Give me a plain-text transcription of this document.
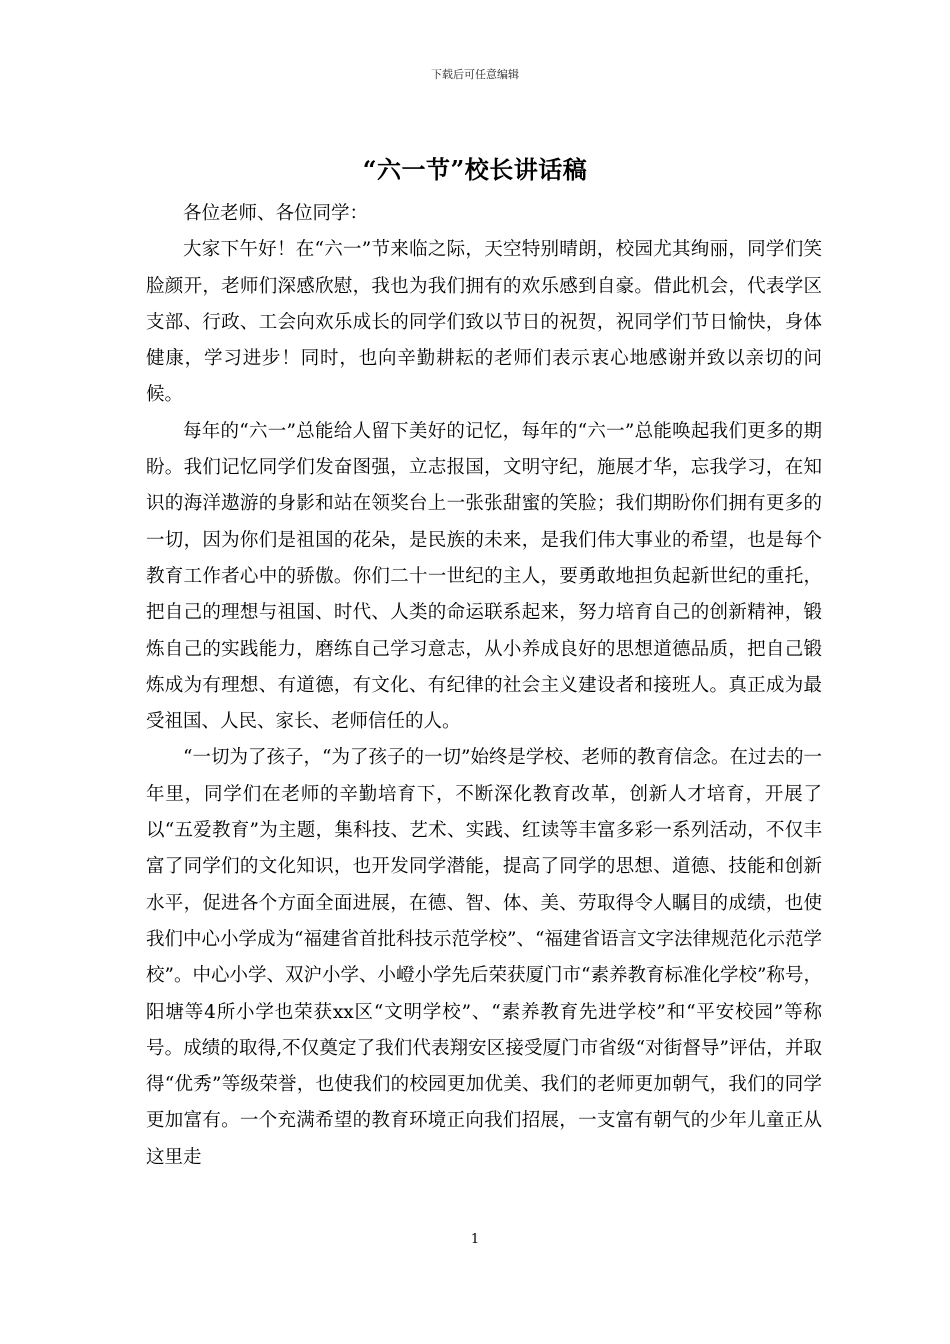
下载后可任意编辑
“六一节”校长讲话稿

各位老师、各位同学：

大家下午好！在“六一”节来临之际，天空特别晴朗，校园尤其绚丽，同学们笑脸颜开，老师们深感欣慰，我也为我们拥有的欢乐感到自豪。借此机会，代表学区支部、行政、工会向欢乐成长的同学们致以节日的祝贺，祝同学们节日愉快，身体健康，学习进步！同时，也向辛勤耕耘的老师们表示衷心地感谢并致以亲切的问候。

每年的“六一”总能给人留下美好的记忆，每年的“六一”总能唤起我们更多的期盼。我们记忆同学们发奋图强，立志报国，文明守纪，施展才华，忘我学习，在知识的海洋遨游的身影和站在领奖台上一张张甜蜜的笑脸；我们期盼你们拥有更多的一切，因为你们是祖国的花朵，是民族的未来，是我们伟大事业的希望，也是每个教育工作者心中的骄傲。你们二十一世纪的主人，要勇敢地担负起新世纪的重托，把自己的理想与祖国、时代、人类的命运联系起来，努力培育自己的创新精神，锻炼自己的实践能力，磨练自己学习意志，从小养成良好的思想道德品质，把自己锻炼成为有理想、有道德，有文化、有纪律的社会主义建设者和接班人。真正成为最受祖国、人民、家长、老师信任的人。

“一切为了孩子，“为了孩子的一切”始终是学校、老师的教育信念。在过去的一年里，同学们在老师的辛勤培育下，不断深化教育改革，创新人才培育，开展了以“五爱教育”为主题，集科技、艺术、实践、红读等丰富多彩一系列活动，不仅丰富了同学们的文化知识，也开发同学潜能，提高了同学的思想、道德、技能和创新水平，促进各个方面全面进展，在德、智、体、美、劳取得令人瞩目的成绩，也使我们中心小学成为“福建省首批科技示范学校”、“福建省语言文字法律规范化示范学校”。中心小学、双沪小学、小嶝小学先后荣获厦门市“素养教育标准化学校”称号，阳塘等4所小学也荣获xx区“文明学校”、“素养教育先进学校”和“平安校园”等称号。成绩的取得,不仅奠定了我们代表翔安区接受厦门市省级“对街督导”评估，并取得“优秀”等级荣誉，也使我们的校园更加优美、我们的老师更加朝气，我们的同学更加富有。一个充满希望的教育环境正向我们招展，一支富有朝气的少年儿童正从这里走

1
